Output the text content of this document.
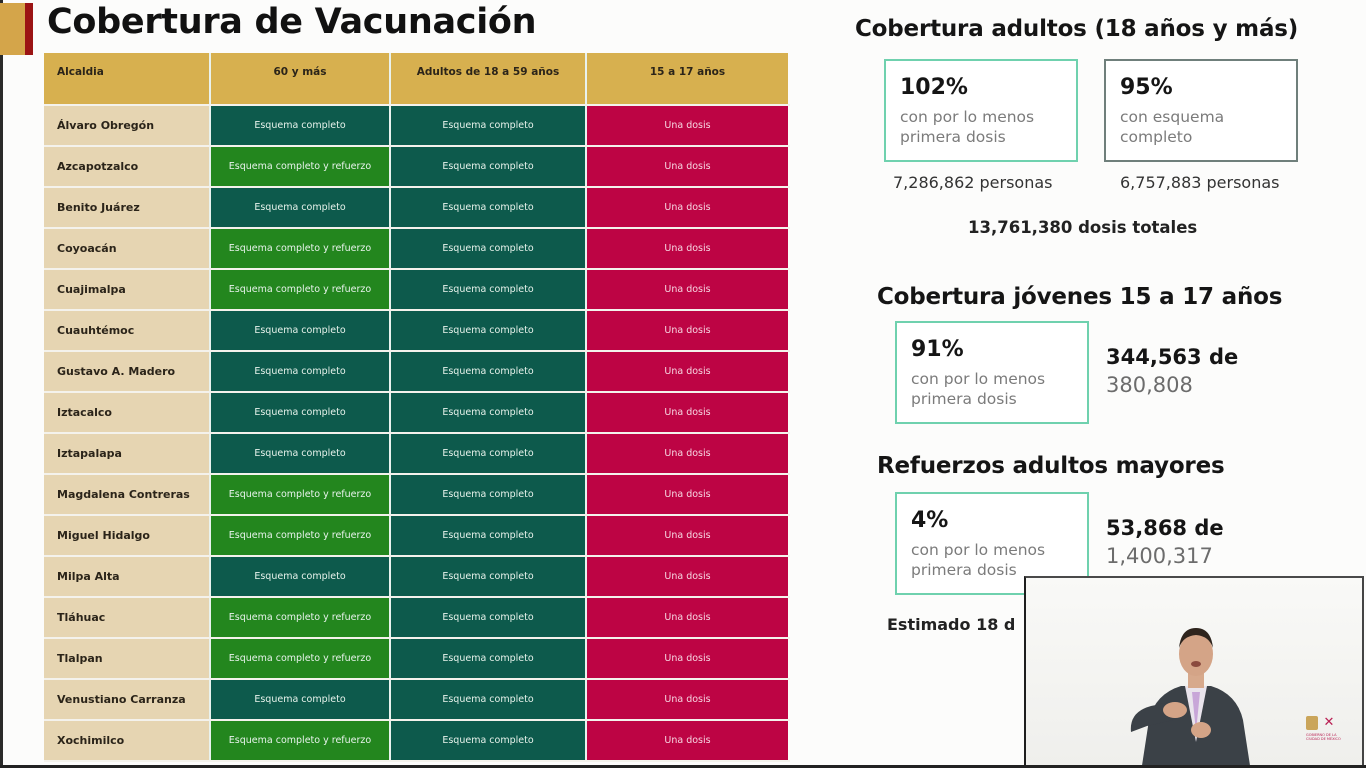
Cobertura de Vacunación
Alcaldia	60 y más	Adultos de 18 a 59 años	15 a 17 años
Álvaro Obregón	Esquema completo	Esquema completo	Una dosis
Azcapotzalco	Esquema completo y refuerzo	Esquema completo	Una dosis
Benito Juárez	Esquema completo	Esquema completo	Una dosis
Coyoacán	Esquema completo y refuerzo	Esquema completo	Una dosis
Cuajimalpa	Esquema completo y refuerzo	Esquema completo	Una dosis
Cuauhtémoc	Esquema completo	Esquema completo	Una dosis
Gustavo A. Madero	Esquema completo	Esquema completo	Una dosis
Iztacalco	Esquema completo	Esquema completo	Una dosis
Iztapalapa	Esquema completo	Esquema completo	Una dosis
Magdalena Contreras	Esquema completo y refuerzo	Esquema completo	Una dosis
Miguel Hidalgo	Esquema completo y refuerzo	Esquema completo	Una dosis
Milpa Alta	Esquema completo	Esquema completo	Una dosis
Tláhuac	Esquema completo y refuerzo	Esquema completo	Una dosis
Tlalpan	Esquema completo y refuerzo	Esquema completo	Una dosis
Venustiano Carranza	Esquema completo	Esquema completo	Una dosis
Xochimilco	Esquema completo y refuerzo	Esquema completo	Una dosis
Cobertura adultos (18 años y más)
102%
con por lo menos primera dosis
95%
con esquema completo
7,286,862 personas	6,757,883 personas
13,761,380 dosis totales
Cobertura jóvenes 15 a 17 años
91%
con por lo menos primera dosis
344,563 de
380,808
Refuerzos adultos mayores
4%
con por lo menos primera dosis
53,868 de
1,400,317
Estimado 18 d
✕
GOBIERNO DE LA CIUDAD DE MÉXICO
